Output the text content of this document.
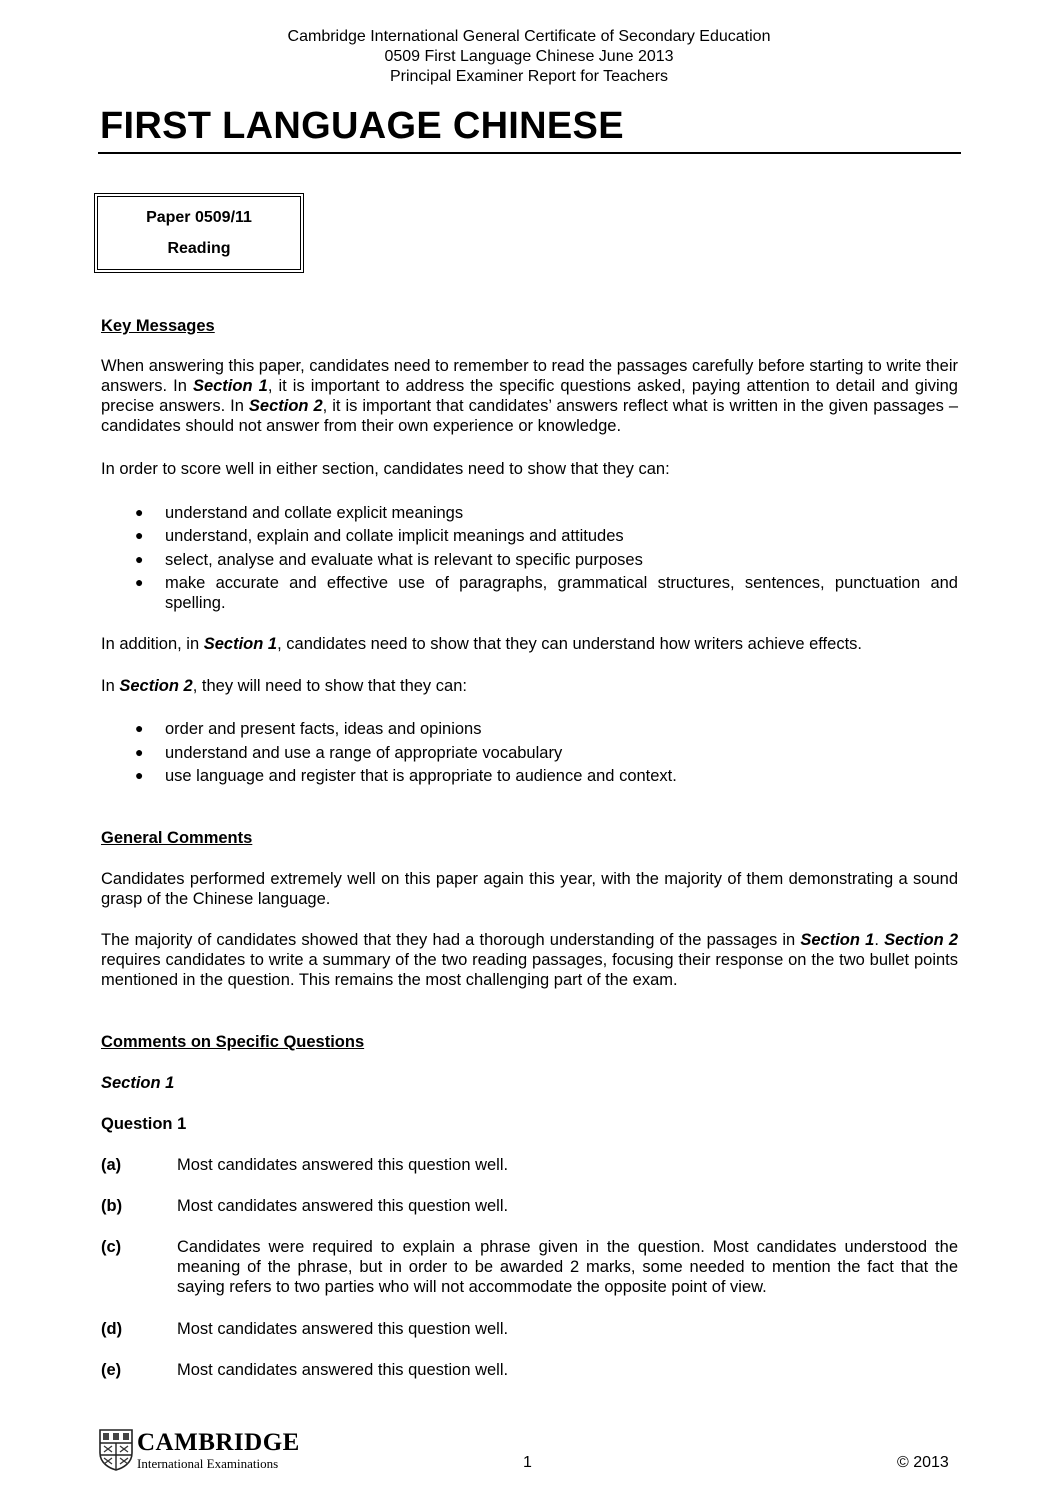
Cambridge International General Certificate of Secondary Education
0509 First Language Chinese June 2013
Principal Examiner Report for Teachers
FIRST LANGUAGE CHINESE
Paper 0509/11
Reading
Key Messages
When answering this paper, candidates need to remember to read the passages carefully before starting to write their answers. In Section 1, it is important to address the specific questions asked, paying attention to detail and giving precise answers. In Section 2, it is important that candidates’ answers reflect what is written in the given passages – candidates should not answer from their own experience or knowledge.
In order to score well in either section, candidates need to show that they can:
● understand and collate explicit meanings
● understand, explain and collate implicit meanings and attitudes
● select, analyse and evaluate what is relevant to specific purposes
● make accurate and effective use of paragraphs, grammatical structures, sentences, punctuation and spelling.
In addition, in Section 1, candidates need to show that they can understand how writers achieve effects.
In Section 2, they will need to show that they can:
● order and present facts, ideas and opinions
● understand and use a range of appropriate vocabulary
● use language and register that is appropriate to audience and context.
General Comments
Candidates performed extremely well on this paper again this year, with the majority of them demonstrating a sound grasp of the Chinese language.
The majority of candidates showed that they had a thorough understanding of the passages in Section 1. Section 2 requires candidates to write a summary of the two reading passages, focusing their response on the two bullet points mentioned in the question. This remains the most challenging part of the exam.
Comments on Specific Questions
Section 1
Question 1
(a)	Most candidates answered this question well.
(b)	Most candidates answered this question well.
(c)	Candidates were required to explain a phrase given in the question. Most candidates understood the meaning of the phrase, but in order to be awarded 2 marks, some needed to mention the fact that the saying refers to two parties who will not accommodate the opposite point of view.
(d)	Most candidates answered this question well.
(e)	Most candidates answered this question well.
CAMBRIDGE
International Examinations	1	© 2013
